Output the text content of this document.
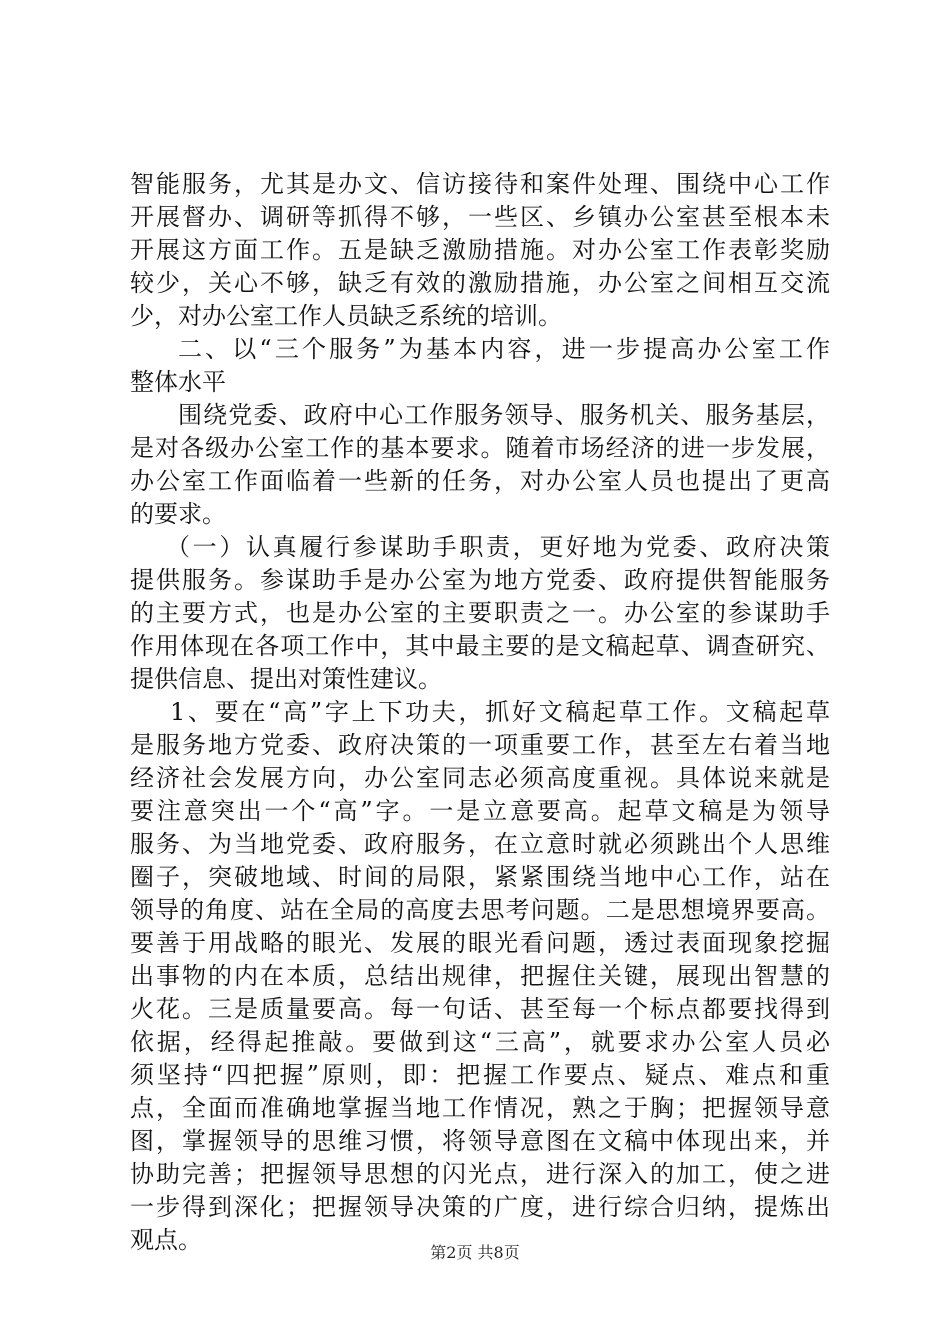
智能服务，尤其是办文、信访接待和案件处理、围绕中心工作
开展督办、调研等抓得不够，一些区、乡镇办公室甚至根本未
开展这方面工作。五是缺乏激励措施。对办公室工作表彰奖励
较少，关心不够，缺乏有效的激励措施，办公室之间相互交流
少，对办公室工作人员缺乏系统的培训。
二、以“三个服务”为基本内容，进一步提高办公室工作
整体水平
围绕党委、政府中心工作服务领导、服务机关、服务基层，
是对各级办公室工作的基本要求。随着市场经济的进一步发展，
办公室工作面临着一些新的任务，对办公室人员也提出了更高
的要求。
（一）认真履行参谋助手职责，更好地为党委、政府决策
提供服务。参谋助手是办公室为地方党委、政府提供智能服务
的主要方式，也是办公室的主要职责之一。办公室的参谋助手
作用体现在各项工作中，其中最主要的是文稿起草、调查研究、
提供信息、提出对策性建议。
1、要在“高”字上下功夫，抓好文稿起草工作。文稿起草
是服务地方党委、政府决策的一项重要工作，甚至左右着当地
经济社会发展方向，办公室同志必须高度重视。具体说来就是
要注意突出一个“高”字。一是立意要高。起草文稿是为领导
服务、为当地党委、政府服务，在立意时就必须跳出个人思维
圈子，突破地域、时间的局限，紧紧围绕当地中心工作，站在
领导的角度、站在全局的高度去思考问题。二是思想境界要高。
要善于用战略的眼光、发展的眼光看问题，透过表面现象挖掘
出事物的内在本质，总结出规律，把握住关键，展现出智慧的
火花。三是质量要高。每一句话、甚至每一个标点都要找得到
依据，经得起推敲。要做到这“三高”，就要求办公室人员必
须坚持“四把握”原则，即：把握工作要点、疑点、难点和重
点，全面而准确地掌握当地工作情况，熟之于胸；把握领导意
图，掌握领导的思维习惯，将领导意图在文稿中体现出来，并
协助完善；把握领导思想的闪光点，进行深入的加工，使之进
一步得到深化；把握领导决策的广度，进行综合归纳，提炼出
观点。	第2页 共8页
